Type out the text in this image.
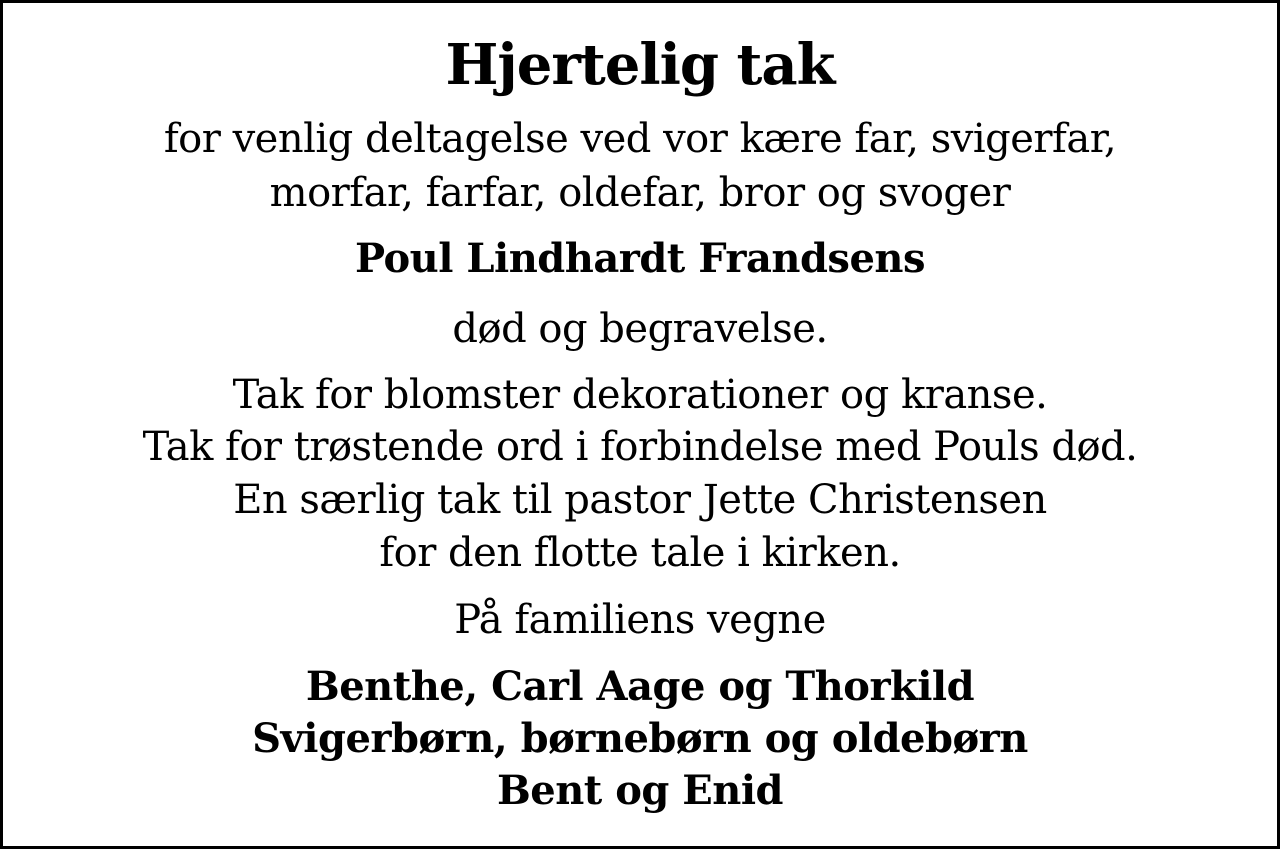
Hjertelig tak
for venlig deltagelse ved vor kære far, svigerfar,
morfar, farfar, oldefar, bror og svoger
Poul Lindhardt Frandsens
død og begravelse.
Tak for blomster dekorationer og kranse.
Tak for trøstende ord i forbindelse med Pouls død.
En særlig tak til pastor Jette Christensen
for den flotte tale i kirken.
På familiens vegne
Benthe, Carl Aage og Thorkild
Svigerbørn, børnebørn og oldebørn
Bent og Enid
